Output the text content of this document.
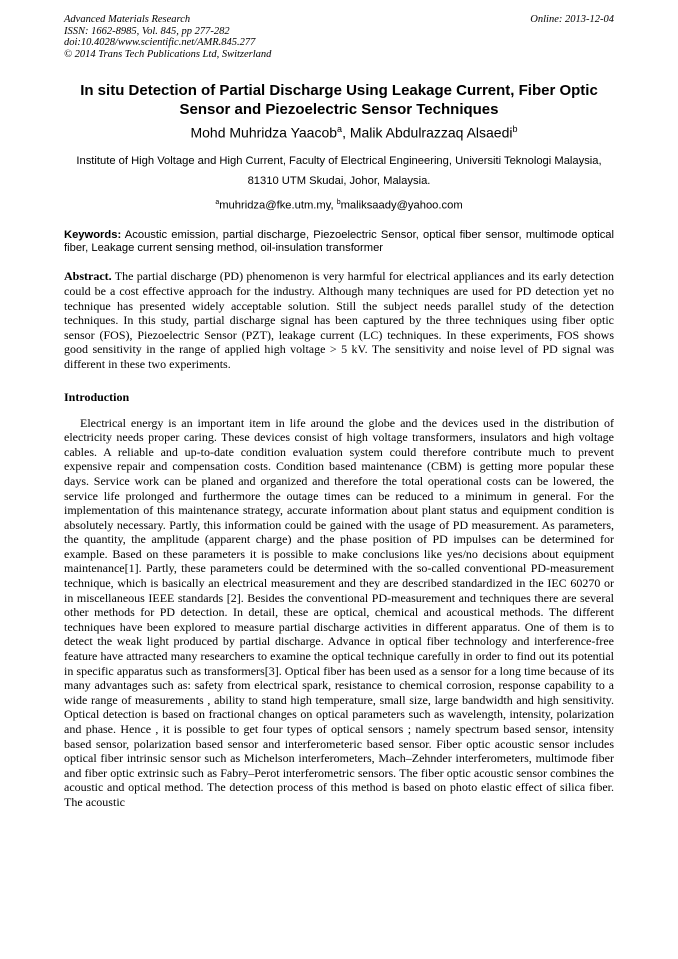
Advanced Materials Research
ISSN: 1662-8985, Vol. 845, pp 277-282
doi:10.4028/www.scientific.net/AMR.845.277
© 2014 Trans Tech Publications Ltd, Switzerland
Online: 2013-12-04
In situ Detection of Partial Discharge Using Leakage Current, Fiber Optic Sensor and Piezoelectric Sensor Techniques
Mohd Muhridza Yaacob$^a$, Malik Abdulrazzaq Alsaedi$^b$
Institute of High Voltage and High Current, Faculty of Electrical Engineering, Universiti Teknologi Malaysia, 81310 UTM Skudai, Johor, Malaysia.
$^a$muhridza@fke.utm.my, $^b$maliksaady@yahoo.com
Keywords: Acoustic emission, partial discharge, Piezoelectric Sensor, optical fiber sensor, multimode optical fiber, Leakage current sensing method, oil-insulation transformer
Abstract. The partial discharge (PD) phenomenon is very harmful for electrical appliances and its early detection could be a cost effective approach for the industry. Although many techniques are used for PD detection yet no technique has presented widely acceptable solution. Still the subject needs parallel study of the detection techniques. In this study, partial discharge signal has been captured by the three techniques using fiber optic sensor (FOS), Piezoelectric Sensor (PZT), leakage current (LC) techniques. In these experiments, FOS shows good sensitivity in the range of applied high voltage > 5 kV. The sensitivity and noise level of PD signal was different in these two experiments.
Introduction
Electrical energy is an important item in life around the globe and the devices used in the distribution of electricity needs proper caring. These devices consist of high voltage transformers, insulators and high voltage cables. A reliable and up-to-date condition evaluation system could therefore contribute much to prevent expensive repair and compensation costs. Condition based maintenance (CBM) is getting more popular these days. Service work can be planed and organized and therefore the total operational costs can be lowered, the service life prolonged and furthermore the outage times can be reduced to a minimum in general. For the implementation of this maintenance strategy, accurate information about plant status and equipment condition is absolutely necessary. Partly, this information could be gained with the usage of PD measurement. As parameters, the quantity, the amplitude (apparent charge) and the phase position of PD impulses can be determined for example. Based on these parameters it is possible to make conclusions like yes/no decisions about equipment maintenance[1]. Partly, these parameters could be determined with the so-called conventional PD-measurement technique, which is basically an electrical measurement and they are described standardized in the IEC 60270 or in miscellaneous IEEE standards [2]. Besides the conventional PD-measurement and techniques there are several other methods for PD detection. In detail, these are optical, chemical and acoustical methods. The different techniques have been explored to measure partial discharge activities in different apparatus. One of them is to detect the weak light produced by partial discharge. Advance in optical fiber technology and interference-free feature have attracted many researchers to examine the optical technique carefully in order to find out its potential in specific apparatus such as transformers[3]. Optical fiber has been used as a sensor for a long time because of its many advantages such as: safety from electrical spark, resistance to chemical corrosion, response capability to a wide range of measurements , ability to stand high temperature, small size, large bandwidth and high sensitivity. Optical detection is based on fractional changes on optical parameters such as wavelength, intensity, polarization and phase. Hence , it is possible to get four types of optical sensors ; namely spectrum based sensor, intensity based sensor, polarization based sensor and interferometeric based sensor. Fiber optic acoustic sensor includes optical fiber intrinsic sensor such as Michelson interferometers, Mach–Zehnder interferometers, multimode fiber and fiber optic extrinsic such as Fabry–Perot interferometric sensors. The fiber optic acoustic sensor combines the acoustic and optical method. The detection process of this method is based on photo elastic effect of silica fiber. The acoustic
